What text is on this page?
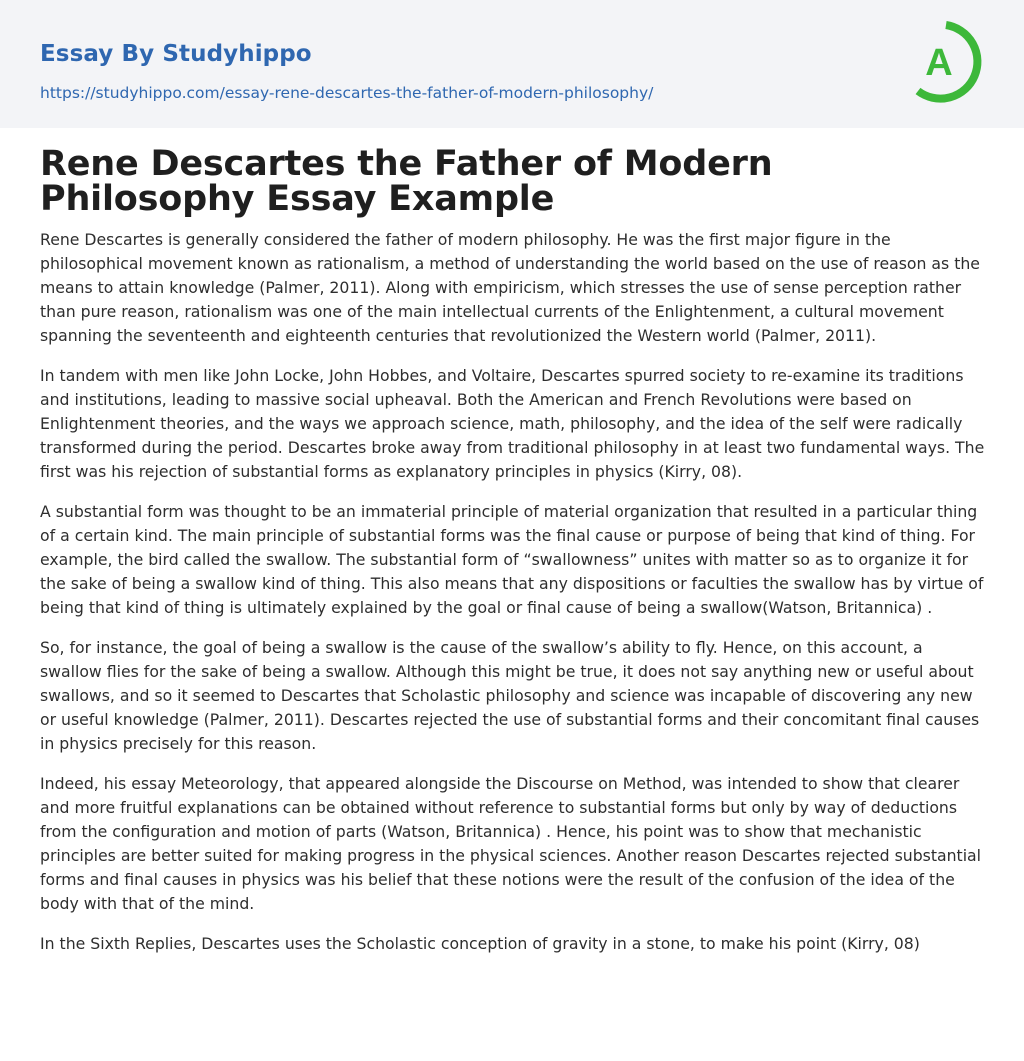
Essay By Studyhippo
https://studyhippo.com/essay-rene-descartes-the-father-of-modern-philosophy/
A
Rene Descartes the Father of Modern Philosophy Essay Example

Rene Descartes is generally considered the father of modern philosophy. He was the first major figure in the philosophical movement known as rationalism, a method of understanding the world based on the use of reason as the means to attain knowledge (Palmer, 2011). Along with empiricism, which stresses the use of sense perception rather than pure reason, rationalism was one of the main intellectual currents of the Enlightenment, a cultural movement spanning the seventeenth and eighteenth centuries that revolutionized the Western world (Palmer, 2011).

In tandem with men like John Locke, John Hobbes, and Voltaire, Descartes spurred society to re-examine its traditions and institutions, leading to massive social upheaval. Both the American and French Revolutions were based on Enlightenment theories, and the ways we approach science, math, philosophy, and the idea of the self were radically transformed during the period. Descartes broke away from traditional philosophy in at least two fundamental ways. The first was his rejection of substantial forms as explanatory principles in physics (Kirry, 08).

A substantial form was thought to be an immaterial principle of material organization that resulted in a particular thing of a certain kind. The main principle of substantial forms was the final cause or purpose of being that kind of thing. For example, the bird called the swallow. The substantial form of “swallowness” unites with matter so as to organize it for the sake of being a swallow kind of thing. This also means that any dispositions or faculties the swallow has by virtue of being that kind of thing is ultimately explained by the goal or final cause of being a swallow(Watson, Britannica) .

So, for instance, the goal of being a swallow is the cause of the swallow’s ability to fly. Hence, on this account, a swallow flies for the sake of being a swallow. Although this might be true, it does not say anything new or useful about swallows, and so it seemed to Descartes that Scholastic philosophy and science was incapable of discovering any new or useful knowledge (Palmer, 2011). Descartes rejected the use of substantial forms and their concomitant final causes in physics precisely for this reason.

Indeed, his essay Meteorology, that appeared alongside the Discourse on Method, was intended to show that clearer and more fruitful explanations can be obtained without reference to substantial forms but only by way of deductions from the configuration and motion of parts (Watson, Britannica) . Hence, his point was to show that mechanistic principles are better suited for making progress in the physical sciences. Another reason Descartes rejected substantial forms and final causes in physics was his belief that these notions were the result of the confusion of the idea of the body with that of the mind.

In the Sixth Replies, Descartes uses the Scholastic conception of gravity in a stone, to make his point (Kirry, 08)
